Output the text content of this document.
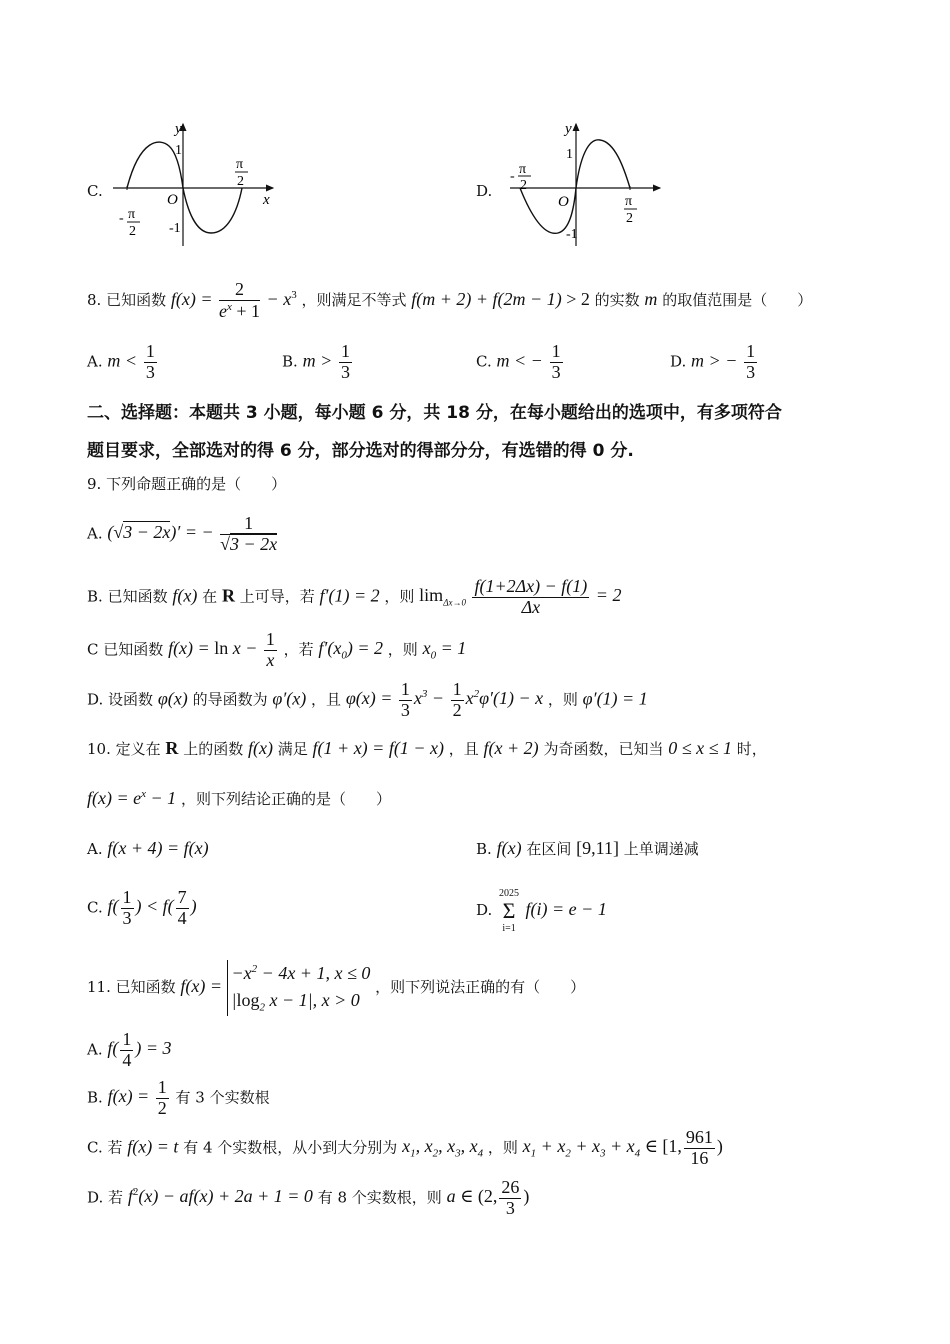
C.
y
x
1
-1
O
π
2
- π
2
D.
y
1
-1
O
- π
2
π
2
8. 已知函数 $f(x) = \frac{2}{e^x + 1} - x^3$ ，则满足不等式 f(m + 2) + f(2m − 1) > 2 的实数 m 的取值范围是（　　）
A. $m < \frac{1}{3}$	B. $m > \frac{1}{3}$	C. m < − $\frac{1}{3}$	D. m > − $\frac{1}{3}$
二、选择题：本题共 3 小题，每小题 6 分，共 18 分，在每小题给出的选项中，有多项符合
题目要求，全部选对的得 6 分，部分选对的得部分分，有选错的得 0 分.
9. 下列命题正确的是（　　）
A. (√3 − 2x)′ = − $\frac{1}{√3 - 2x}$
B. 已知函数 f(x) 在 R 上可导，若 f′(1) = 2 ，则 $\lim_{\Delta x\to 0} \frac{f(1+2\Delta x) - f(1)}{\Delta x} = 2$
C 已知函数 $f(x) = \ln x - \frac{1}{x}$ ，若 $f'(x_0) = 2$ ，则 $x_0 = 1$
D. 设函数 φ(x) 的导函数为 φ′(x) ，且 $\varphi(x) = \frac{1}{3} x^3 - \frac{1}{2} x^2\varphi'(1) - x$ ，则 φ′(1) = 1
10. 定义在 R 上的函数 f(x) 满足 f(1 + x) = f(1 − x) ，且 f(x + 2) 为奇函数，已知当 0 ≤ x ≤ 1 时，
$f(x) = e^x - 1$ ，则下列结论正确的是（　　）
A. f(x + 4) = f(x)	B. f(x) 在区间 [9,11] 上单调递减
C. $f( \frac{1}{3}$ ) < $f( \frac{7}{4}$ )	D.
2025
Σ
i=1
f(i) = e − 1
11. 已知函数 f(x) =
$-x^2 - 4x + 1$, x ≤ 0
$|\log_2$ x − 1|, x > 0
，则下列说法正确的有（　　）
A. $f( \frac{1}{4}$ ) = 3
B. $f(x) = \frac{1}{2}$ 有 3 个实数根
C. 若 f(x) = t 有 4 个实数根，从小到大分别为 $x_1$, $x_2$, $x_3$, $x_4$ ，则 $x_1 + x_2 + x_3 + x_4$ ∈ [1, $\frac{961}{16}$ )
D. 若 $f^2(x) - af(x) + 2a + 1 = 0$ 有 8 个实数根，则 a ∈ (2, $\frac{26}{3}$ )
